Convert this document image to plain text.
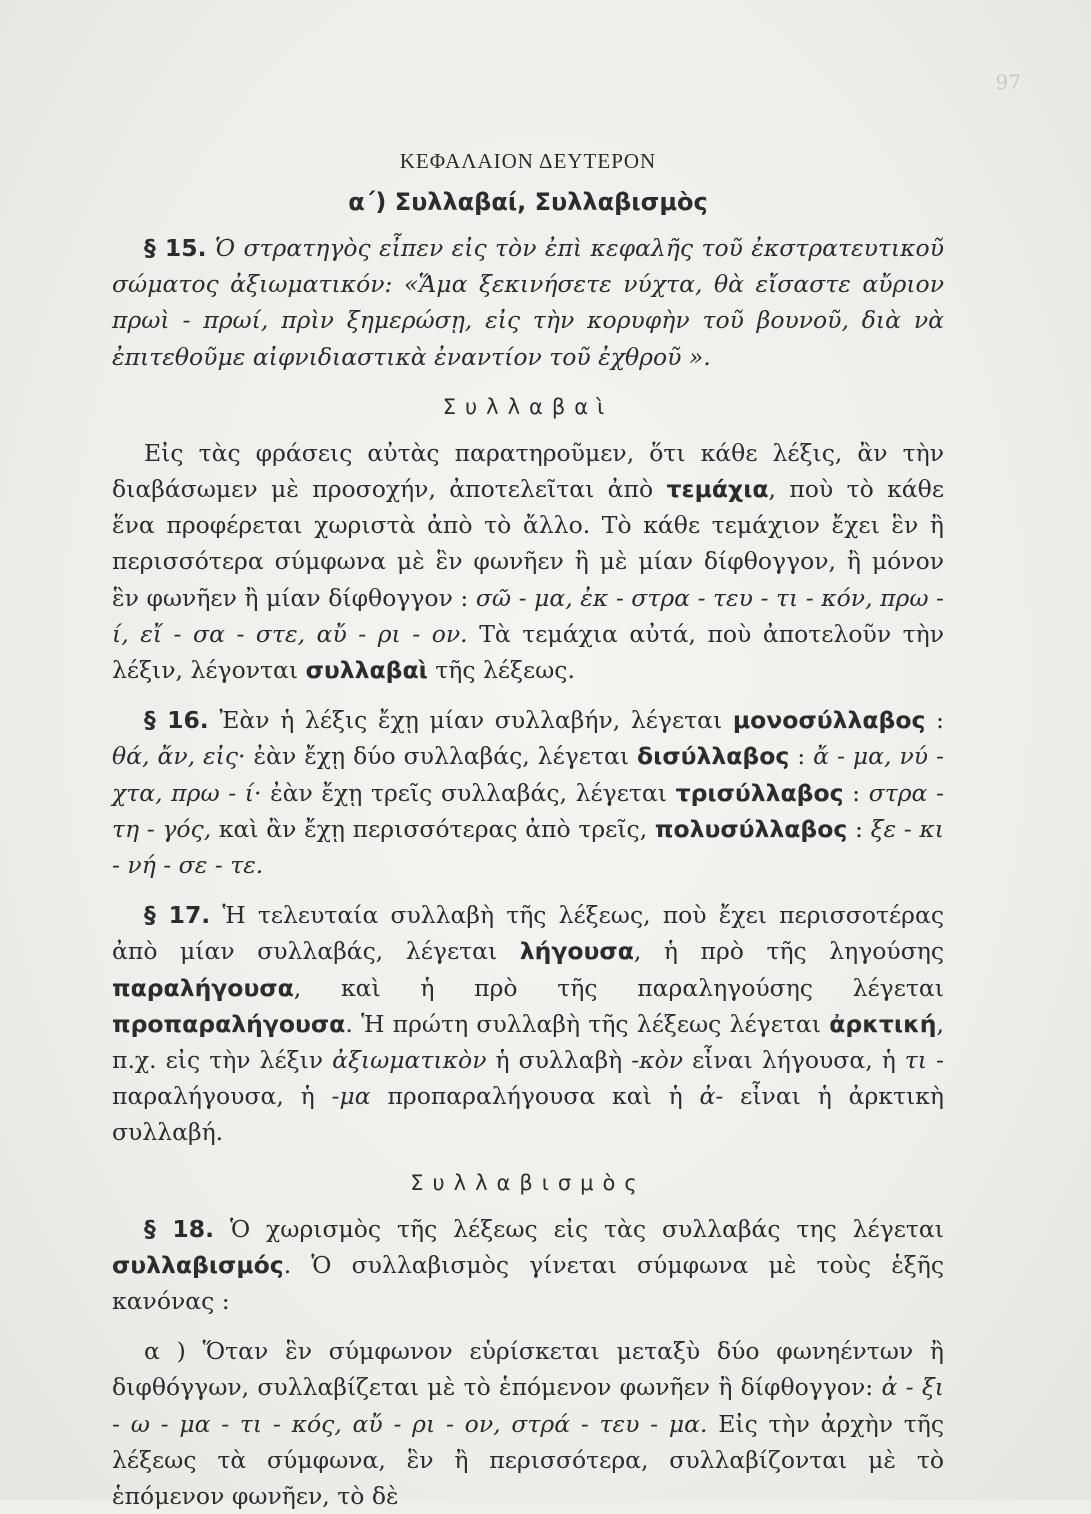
97
ΚΕΦΑΛΑΙΟΝ ΔΕΥΤΕΡΟΝ
α΄) Συλλαβαί, Συλλαβισμὸς

§ 15. Ὁ στρατηγὸς εἶπεν εἰς τὸν ἐπὶ κεφαλῆς τοῦ ἐκστρατευτικοῦ σώματος ἀξιωματικόν: «Ἅμα ξεκινήσετε νύχτα, θὰ εἴσαστε αὔριον πρωὶ - πρωί, πρὶν ξημερώσῃ, εἰς τὴν κορυφὴν τοῦ βουνοῦ, διὰ νὰ ἐπιτεθοῦμε αἰφνιδιαστικὰ ἐναντίον τοῦ ἐχθροῦ ».

Συλλαβαὶ

Εἰς τὰς φράσεις αὐτὰς παρατηροῦμεν, ὅτι κάθε λέξις, ἂν τὴν διαβάσωμεν μὲ προσοχήν, ἀποτελεῖται ἀπὸ τεμάχια, ποὺ τὸ κάθε ἕνα προφέρεται χωριστὰ ἀπὸ τὸ ἄλλο. Τὸ κάθε τεμάχιον ἔχει ἓν ἢ περισσότερα σύμφωνα μὲ ἓν φωνῆεν ἢ μὲ μίαν δίφθογγον, ἢ μόνον ἓν φωνῆεν ἢ μίαν δίφθογγον : σῶ - μα, ἐκ - στρα - τευ - τι - κόν, πρω - ί, εἴ - σα - στε, αὔ - ρι - ον. Τὰ τεμάχια αὐτά, ποὺ ἀποτελοῦν τὴν λέξιν, λέγονται συλλαβαὶ τῆς λέξεως.

§ 16. Ἐὰν ἡ λέξις ἔχῃ μίαν συλλαβήν, λέγεται μονοσύλλαβος : θά, ἄν, εἰς· ἐὰν ἔχῃ δύο συλλαβάς, λέγεται δισύλλαβος : ἄ - μα, νύ - χτα, πρω - ί· ἐὰν ἔχῃ τρεῖς συλλαβάς, λέγεται τρισύλλαβος : στρα - τη - γός, καὶ ἂν ἔχῃ περισσότερας ἀπὸ τρεῖς, πολυσύλλαβος : ξε - κι - νή - σε - τε.

§ 17. Ἡ τελευταία συλλαβὴ τῆς λέξεως, ποὺ ἔχει περισσοτέρας ἀπὸ μίαν συλλαβάς, λέγεται λήγουσα, ἡ πρὸ τῆς ληγούσης παραλήγουσα, καὶ ἡ πρὸ τῆς παραληγούσης λέγεται προπαραλήγουσα. Ἡ πρώτη συλλαβὴ τῆς λέξεως λέγεται ἀρκτική, π.χ. εἰς τὴν λέξιν ἀξιωματικὸν ἡ συλλαβὴ -κὸν εἶναι λήγουσα, ἡ τι - παραλήγουσα, ἡ -μα προπαραλήγουσα καὶ ἡ ἀ- εἶναι ἡ ἀρκτικὴ συλλαβή.

Συλλαβισμὸς

§ 18. Ὁ χωρισμὸς τῆς λέξεως εἰς τὰς συλλαβάς της λέγεται συλλαβισμός. Ὁ συλλαβισμὸς γίνεται σύμφωνα μὲ τοὺς ἑξῆς κανόνας :

α ) Ὅταν ἓν σύμφωνον εὑρίσκεται μεταξὺ δύο φωνηέντων ἢ διφθόγγων, συλλαβίζεται μὲ τὸ ἑπόμενον φωνῆεν ἢ δίφθογγον: ἀ - ξι - ω - μα - τι - κός, αὔ - ρι - ον, στρά - τευ - μα. Εἰς τὴν ἀρχὴν τῆς λέξεως τὰ σύμφωνα, ἓν ἢ περισσότερα, συλλαβίζονται μὲ τὸ ἑπόμενον φωνῆεν, τὸ δὲ
